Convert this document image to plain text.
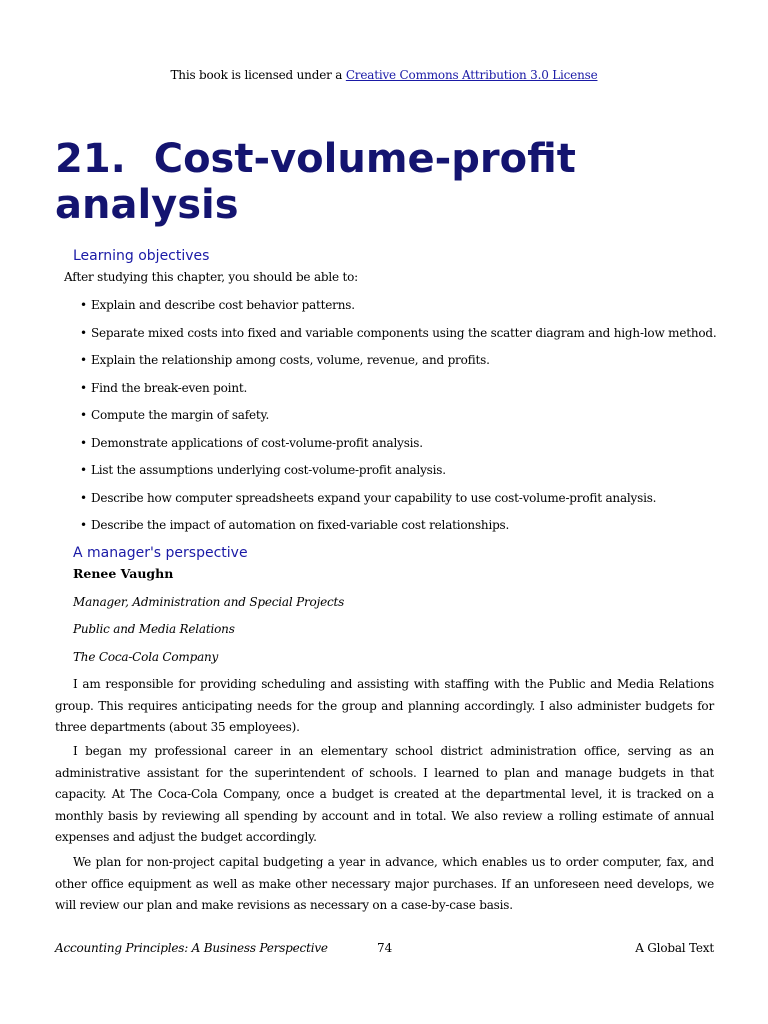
This book is licensed under a Creative Commons Attribution 3.0 License
21. Cost-volume-profit analysis
Learning objectives

After studying this chapter, you should be able to:

• Explain and describe cost behavior patterns.
• Separate mixed costs into fixed and variable components using the scatter diagram and high-low method.
• Explain the relationship among costs, volume, revenue, and profits.
• Find the break-even point.
• Compute the margin of safety.
• Demonstrate applications of cost-volume-profit analysis.
• List the assumptions underlying cost-volume-profit analysis.
• Describe how computer spreadsheets expand your capability to use cost-volume-profit analysis.
• Describe the impact of automation on fixed-variable cost relationships.
A manager's perspective

Renee Vaughn

Manager, Administration and Special Projects

Public and Media Relations

The Coca-Cola Company

I am responsible for providing scheduling and assisting with staffing with the Public and Media Relations group. This requires anticipating needs for the group and planning accordingly. I also administer budgets for three departments (about 35 employees).

I began my professional career in an elementary school district administration office, serving as an administrative assistant for the superintendent of schools. I learned to plan and manage budgets in that capacity. At The Coca-Cola Company, once a budget is created at the departmental level, it is tracked on a monthly basis by reviewing all spending by account and in total. We also review a rolling estimate of annual expenses and adjust the budget accordingly.

We plan for non-project capital budgeting a year in advance, which enables us to order computer, fax, and other office equipment as well as make other necessary major purchases. If an unforeseen need develops, we will review our plan and make revisions as necessary on a case-by-case basis.

Accounting Principles: A Business Perspective	74	A Global Text
